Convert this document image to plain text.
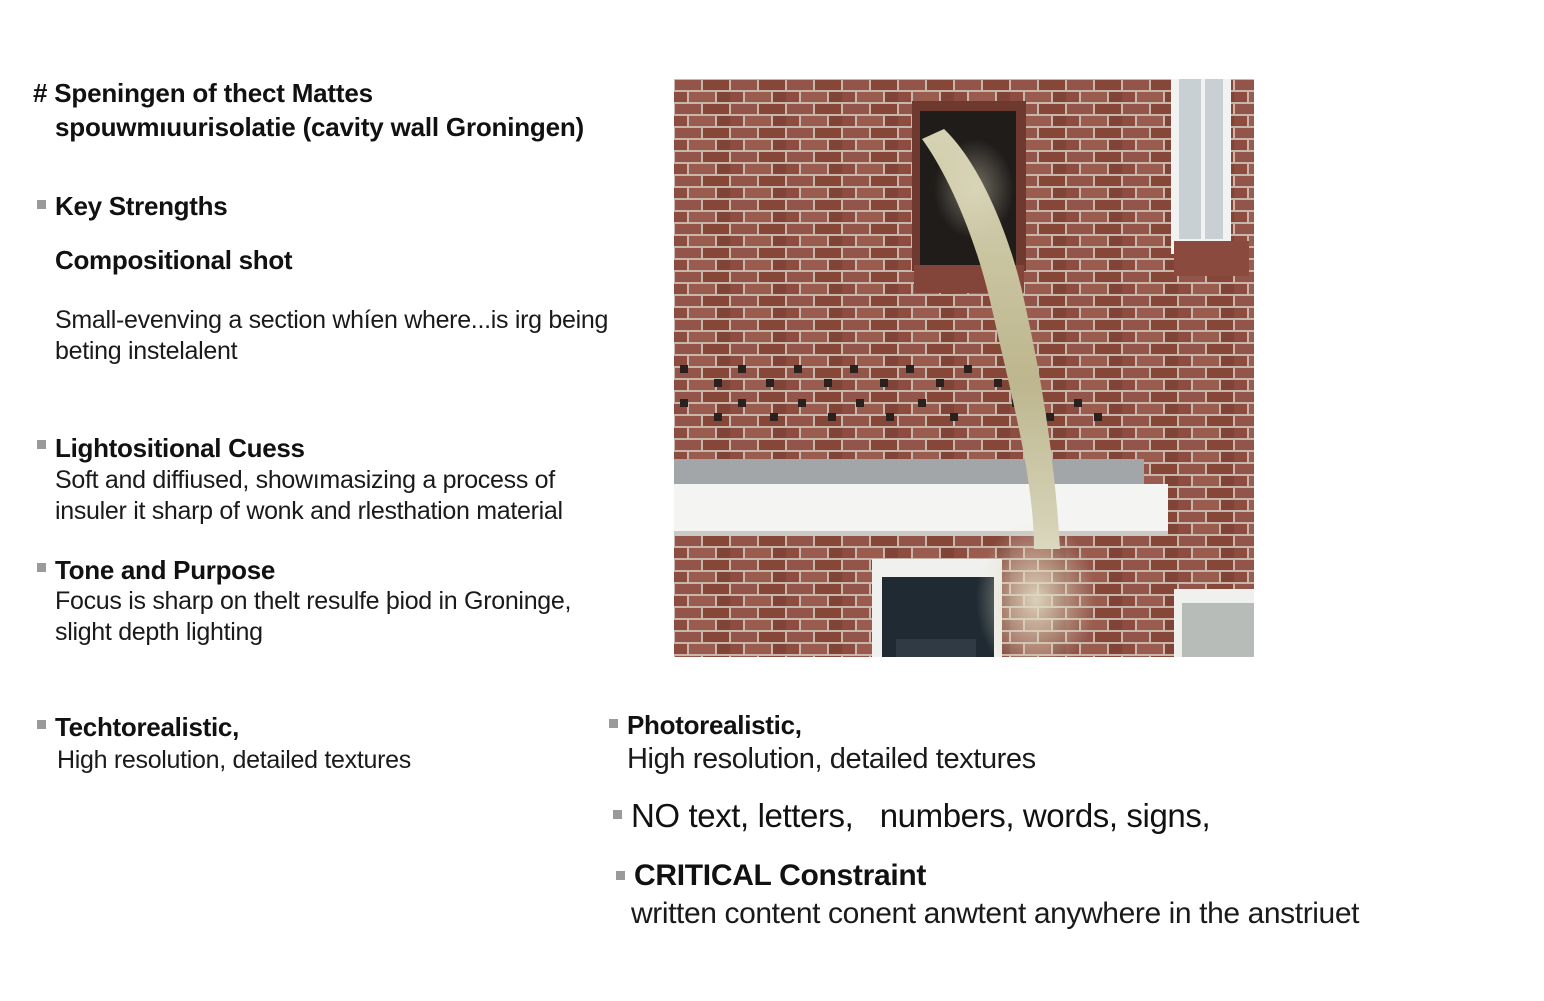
# Speningen of thect Mattes
spouwmıuurisolatie (cavity wall Groningen)
Key Strengths
Compositional shot
Small-evenving a section whíen where...is irg being
beting instelalent
Lightositional Cuess
Soft and diffiused, showımasizing a process of
insuler it sharp of wonk and rlesthation material
Tone and Purpose
Focus is sharp on thelt resulfe þiod in Groninge,
slight depth lighting
Techtorealistic,
High resolution, detailed textures
Photorealistic,
High resolution, detailed textures
NO text, letters,   numbers, words, signs,
CRITICAL Constraint
written content conent anwtent anywhere in the anstriuet
